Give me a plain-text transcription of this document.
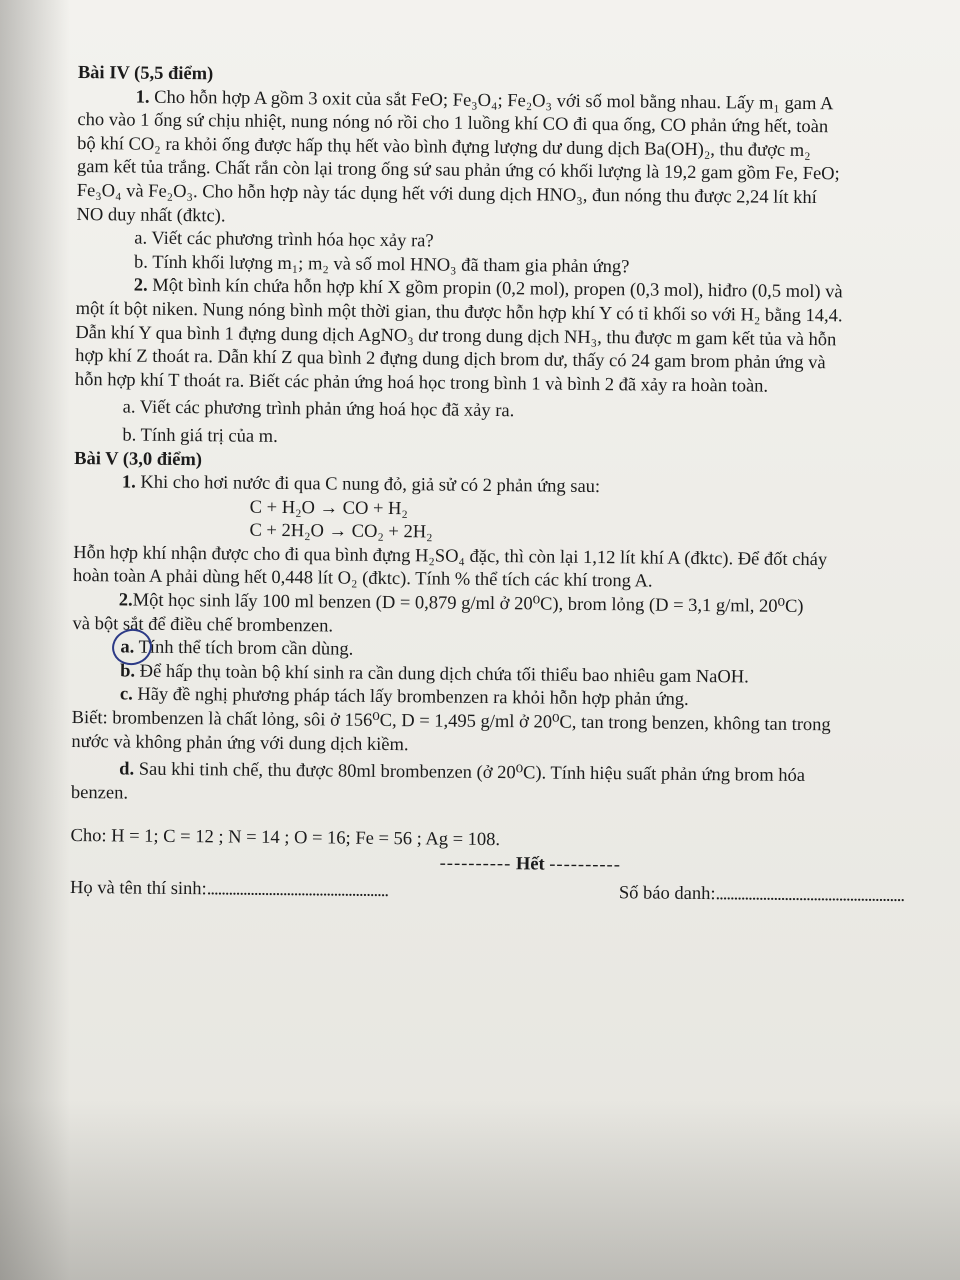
Bài IV (5,5 điểm)

1. Cho hỗn hợp A gồm 3 oxit của sắt FeO; Fe₃O₄; Fe₂O₃ với số mol bằng nhau. Lấy m₁ gam A

cho vào 1 ống sứ chịu nhiệt, nung nóng nó rồi cho 1 luồng khí CO đi qua ống, CO phản ứng hết, toàn

bộ khí CO₂ ra khỏi ống được hấp thụ hết vào bình đựng lượng dư dung dịch Ba(OH)₂, thu được m₂

gam kết tủa trắng. Chất rắn còn lại trong ống sứ sau phản ứng có khối lượng là 19,2 gam gồm Fe, FeO;

Fe₃O₄ và Fe₂O₃. Cho hỗn hợp này tác dụng hết với dung dịch HNO₃, đun nóng thu được 2,24 lít khí

NO duy nhất (đktc).

a. Viết các phương trình hóa học xảy ra?

b. Tính khối lượng m₁; m₂ và số mol HNO₃ đã tham gia phản ứng?

2. Một bình kín chứa hỗn hợp khí X gồm propin (0,2 mol), propen (0,3 mol), hiđro (0,5 mol) và

một ít bột niken. Nung nóng bình một thời gian, thu được hỗn hợp khí Y có tỉ khối so với H₂ bằng 14,4.

Dẫn khí Y qua bình 1 đựng dung dịch AgNO₃ dư trong dung dịch NH₃, thu được m gam kết tủa và hỗn

hợp khí Z thoát ra. Dẫn khí Z qua bình 2 đựng dung dịch brom dư, thấy có 24 gam brom phản ứng và

hỗn hợp khí T thoát ra. Biết các phản ứng hoá học trong bình 1 và bình 2 đã xảy ra hoàn toàn.

a. Viết các phương trình phản ứng hoá học đã xảy ra.

b. Tính giá trị của m.

Bài V (3,0 điểm)

1. Khi cho hơi nước đi qua C nung đỏ, giả sử có 2 phản ứng sau:

C + H₂O → CO + H₂

C + 2H₂O → CO₂ + 2H₂

Hỗn hợp khí nhận được cho đi qua bình đựng H₂SO₄ đặc, thì còn lại 1,12 lít khí A (đktc). Để đốt cháy

hoàn toàn A phải dùng hết 0,448 lít O₂ (đktc). Tính % thể tích các khí trong A.

2.Một học sinh lấy 100 ml benzen (D = 0,879 g/ml ở 20⁰C), brom lỏng (D = 3,1 g/ml, 20⁰C)

và bột sắt để điều chế brombenzen.

a. Tính thể tích brom cần dùng.

b. Để hấp thụ toàn bộ khí sinh ra cần dung dịch chứa tối thiểu bao nhiêu gam NaOH.

c. Hãy đề nghị phương pháp tách lấy brombenzen ra khỏi hỗn hợp phản ứng.

Biết: brombenzen là chất lỏng, sôi ở 156⁰C, D = 1,495 g/ml ở 20⁰C, tan trong benzen, không tan trong

nước và không phản ứng với dung dịch kiềm.

d. Sau khi tinh chế, thu được 80ml brombenzen (ở 20⁰C). Tính hiệu suất phản ứng brom hóa

benzen.

Cho: H = 1; C = 12 ; N = 14 ; O = 16; Fe = 56 ; Ag = 108.

---------- Hết ----------

Họ và tên thí sinh:..................................................	Số báo danh:....................................................
